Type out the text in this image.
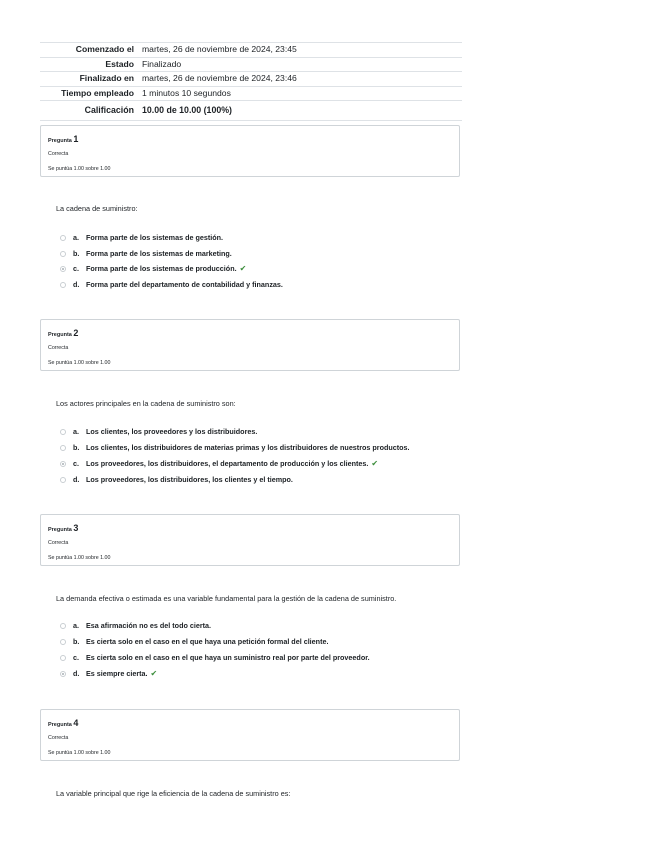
Comenzado el	martes, 26 de noviembre de 2024, 23:45
Estado	Finalizado
Finalizado en	martes, 26 de noviembre de 2024, 23:46
Tiempo empleado	1 minutos 10 segundos
Calificación	10.00 de 10.00 (100%)
Pregunta 1
Correcta
Se puntúa 1.00 sobre 1.00
La cadena de suministro:
a. Forma parte de los sistemas de gestión.
b. Forma parte de los sistemas de marketing.
c. Forma parte de los sistemas de producción. ✔
d. Forma parte del departamento de contabilidad y finanzas.
Pregunta 2
Correcta
Se puntúa 1.00 sobre 1.00
Los actores principales en la cadena de suministro son:
a. Los clientes, los proveedores y los distribuidores.
b. Los clientes, los distribuidores de materias primas y los distribuidores de nuestros productos.
c. Los proveedores, los distribuidores, el departamento de producción y los clientes. ✔
d. Los proveedores, los distribuidores, los clientes y el tiempo.
Pregunta 3
Correcta
Se puntúa 1.00 sobre 1.00
La demanda efectiva o estimada es una variable fundamental para la gestión de la cadena de suministro.
a. Esa afirmación no es del todo cierta.
b. Es cierta solo en el caso en el que haya una petición formal del cliente.
c. Es cierta solo en el caso en el que haya un suministro real por parte del proveedor.
d. Es siempre cierta. ✔
Pregunta 4
Correcta
Se puntúa 1.00 sobre 1.00
La variable principal que rige la eficiencia de la cadena de suministro es:
